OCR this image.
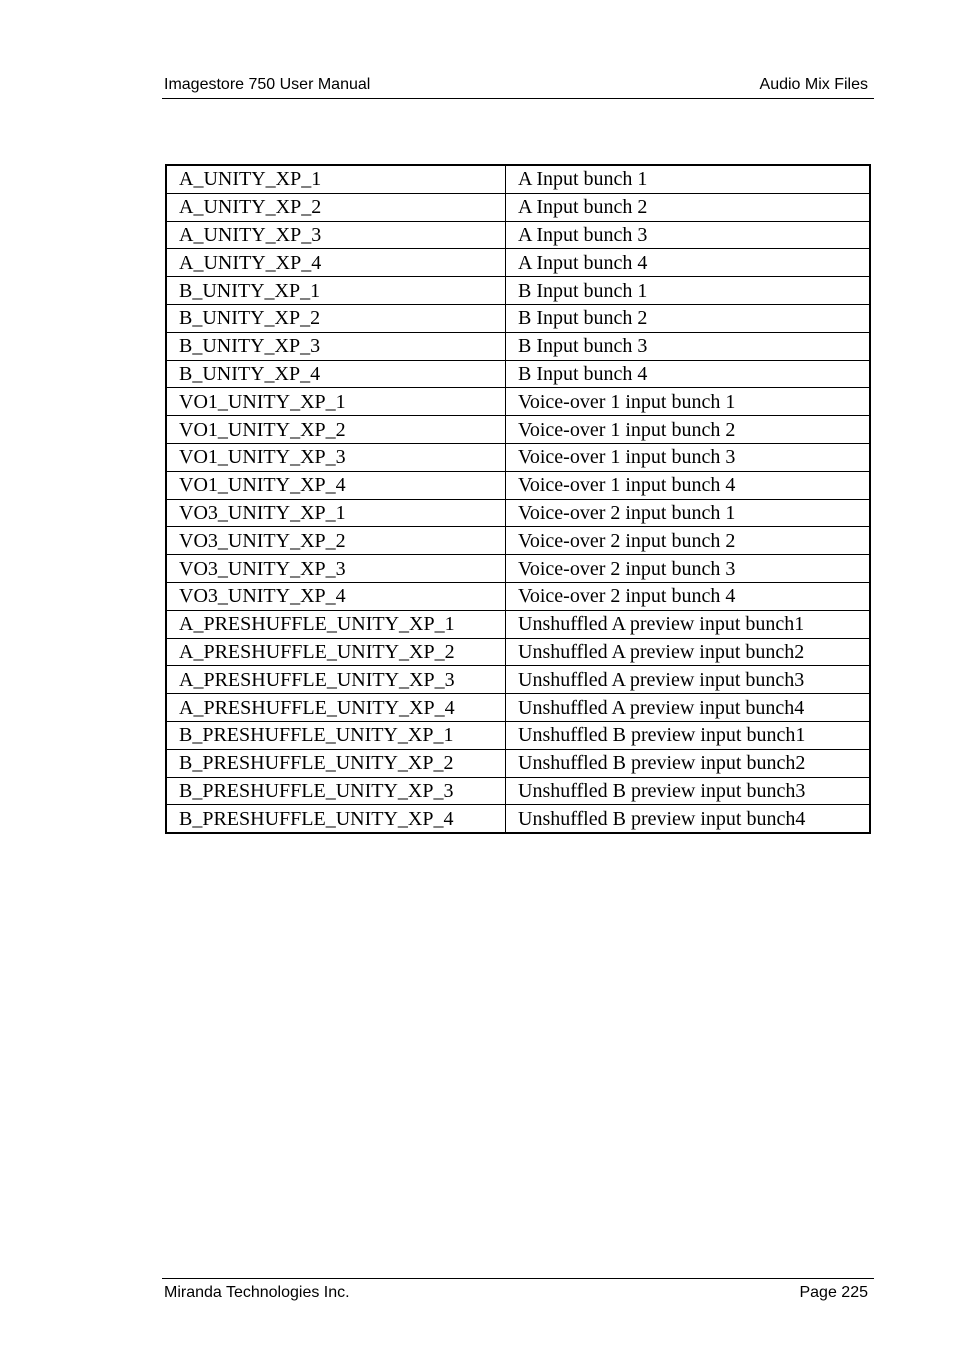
Imagestore 750 User Manual	Audio Mix Files
A_UNITY_XP_1	A Input bunch 1
A_UNITY_XP_2	A Input bunch 2
A_UNITY_XP_3	A Input bunch 3
A_UNITY_XP_4	A Input bunch 4
B_UNITY_XP_1	B Input bunch 1
B_UNITY_XP_2	B Input bunch 2
B_UNITY_XP_3	B Input bunch 3
B_UNITY_XP_4	B Input bunch 4
VO1_UNITY_XP_1	Voice-over 1 input bunch 1
VO1_UNITY_XP_2	Voice-over 1 input bunch 2
VO1_UNITY_XP_3	Voice-over 1 input bunch 3
VO1_UNITY_XP_4	Voice-over 1 input bunch 4
VO3_UNITY_XP_1	Voice-over 2 input bunch 1
VO3_UNITY_XP_2	Voice-over 2 input bunch 2
VO3_UNITY_XP_3	Voice-over 2 input bunch 3
VO3_UNITY_XP_4	Voice-over 2 input bunch 4
A_PRESHUFFLE_UNITY_XP_1	Unshuffled A preview input bunch1
A_PRESHUFFLE_UNITY_XP_2	Unshuffled A preview input bunch2
A_PRESHUFFLE_UNITY_XP_3	Unshuffled A preview input bunch3
A_PRESHUFFLE_UNITY_XP_4	Unshuffled A preview input bunch4
B_PRESHUFFLE_UNITY_XP_1	Unshuffled B preview input bunch1
B_PRESHUFFLE_UNITY_XP_2	Unshuffled B preview input bunch2
B_PRESHUFFLE_UNITY_XP_3	Unshuffled B preview input bunch3
B_PRESHUFFLE_UNITY_XP_4	Unshuffled B preview input bunch4
Miranda Technologies Inc.	Page 225
